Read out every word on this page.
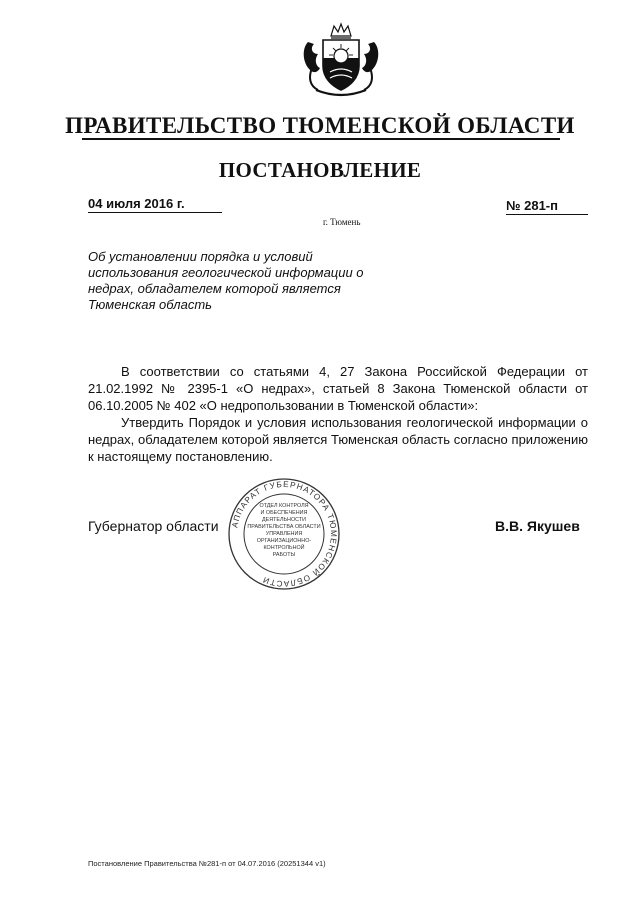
ПРАВИТЕЛЬСТВО ТЮМЕНСКОЙ ОБЛАСТИ
ПОСТАНОВЛЕНИЕ
04 июля 2016 г.	№ 281-п
г. Тюмень
Об установлении порядка и условий использования геологической информации о недрах, обладателем которой является Тюменская область
В соответствии со статьями 4, 27 Закона Российской Федерации от 21.02.1992 № 2395-1 «О недрах», статьей 8 Закона Тюменской области от 06.10.2005 № 402 «О недропользовании в Тюменской области»:
Утвердить Порядок и условия использования геологической информации о недрах, обладателем которой является Тюменская область согласно приложению к настоящему постановлению.
АППАРАТ ГУБЕРНАТОРА ТЮМЕНСКОЙ ОБЛАСТИ
ОТДЕЛ КОНТРОЛЯ
И ОБЕСПЕЧЕНИЯ
ДЕЯТЕЛЬНОСТИ
ПРАВИТЕЛЬСТВА ОБЛАСТИ
УПРАВЛЕНИЯ
ОРГАНИЗАЦИОННО-
КОНТРОЛЬНОЙ
РАБОТЫ
Губернатор области	В.В. Якушев
Постановление Правительства №281-п от 04.07.2016 (20251344 v1)
